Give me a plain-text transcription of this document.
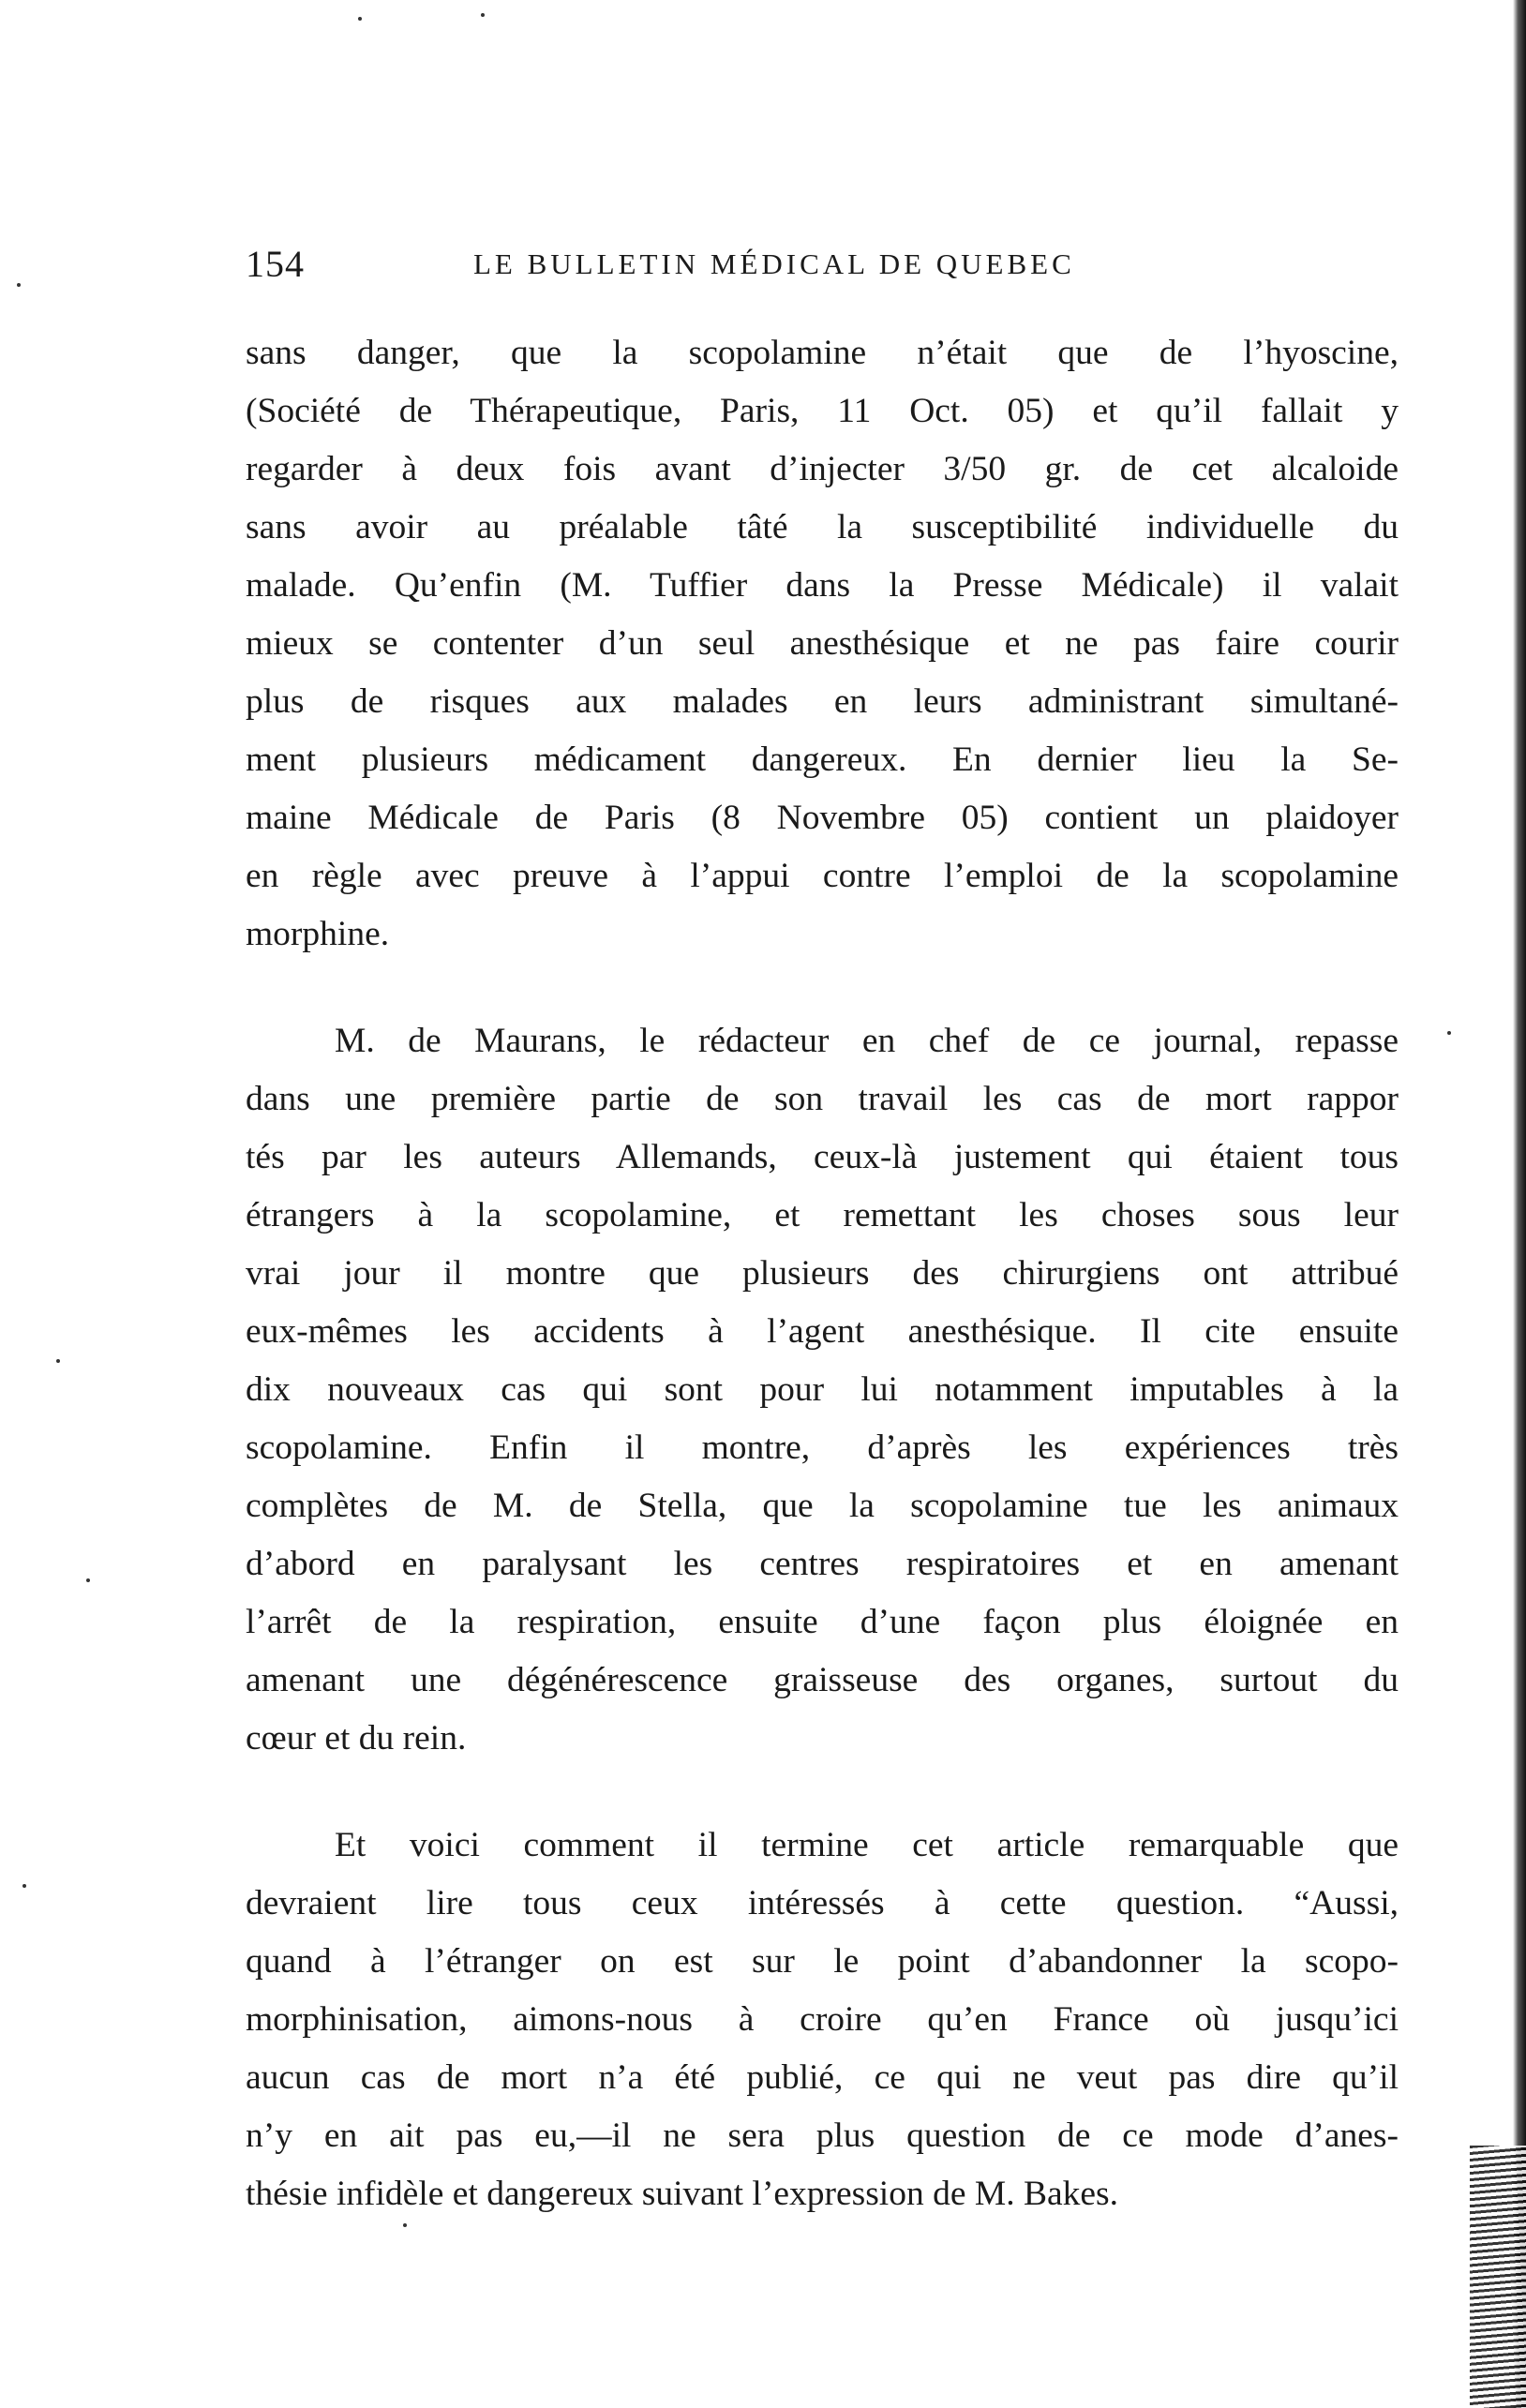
154	LE BULLETIN MÉDICAL DE QUEBEC
sans danger, que la scopolamine n’était que de l’hyoscine,
(Société de Thérapeutique, Paris, 11 Oct. 05) et qu’il fallait y
regarder à deux fois avant d’injecter 3/50 gr. de cet alcaloide
sans avoir au préalable tâté la susceptibilité individuelle du
malade. Qu’enfin (M. Tuffier dans la Presse Médicale) il valait
mieux se contenter d’un seul anesthésique et ne pas faire courir
plus de risques aux malades en leurs administrant simultané-
ment plusieurs médicament dangereux. En dernier lieu la Se-
maine Médicale de Paris (8 Novembre 05) contient un plaidoyer
en règle avec preuve à l’appui contre l’emploi de la scopolamine
morphine.
M. de Maurans, le rédacteur en chef de ce journal, repasse
dans une première partie de son travail les cas de mort rappor
tés par les auteurs Allemands, ceux-là justement qui étaient tous
étrangers à la scopolamine, et remettant les choses sous leur
vrai jour il montre que plusieurs des chirurgiens ont attribué
eux-mêmes les accidents à l’agent anesthésique. Il cite ensuite
dix nouveaux cas qui sont pour lui notamment imputables à la
scopolamine. Enfin il montre, d’après les expériences très
complètes de M. de Stella, que la scopolamine tue les animaux
d’abord en paralysant les centres respiratoires et en amenant
l’arrêt de la respiration, ensuite d’une façon plus éloignée en
amenant une dégénérescence graisseuse des organes, surtout du
cœur et du rein.
Et voici comment il termine cet article remarquable que
devraient lire tous ceux intéressés à cette question. “Aussi,
quand à l’étranger on est sur le point d’abandonner la scopo-
morphinisation, aimons-nous à croire qu’en France où jusqu’ici
aucun cas de mort n’a été publié, ce qui ne veut pas dire qu’il
n’y en ait pas eu,—il ne sera plus question de ce mode d’anes-
thésie infidèle et dangereux suivant l’expression de M. Bakes.
